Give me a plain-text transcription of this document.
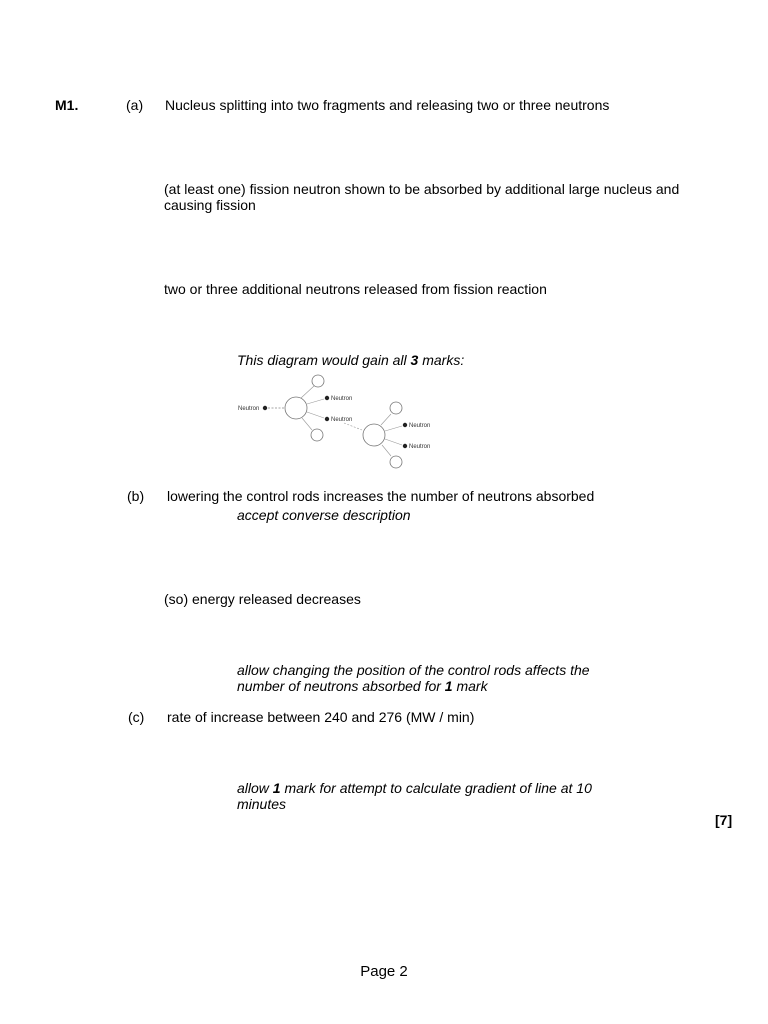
M1.	(a) Nucleus splitting into two fragments and releasing two or three neutrons
(at least one) fission neutron shown to be absorbed by additional large nucleus and
causing fission
two or three additional neutrons released from fission reaction
This diagram would gain all 3 marks:
Neutron
Neutron
Neutron
Neutron
Neutron
(b) lowering the control rods increases the number of neutrons absorbed
accept converse description
(so) energy released decreases
allow changing the position of the control rods affects the
number of neutrons absorbed for 1 mark
(c) rate of increase between 240 and 276 (MW / min)
allow 1 mark for attempt to calculate gradient of line at 10
minutes
[7]
Page 2
